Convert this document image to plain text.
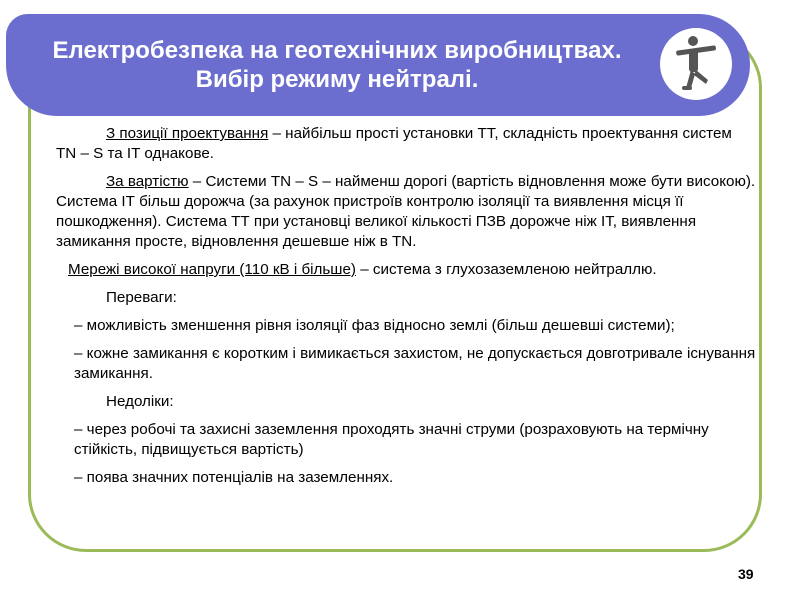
Електробезпека на геотехнічних виробництвах.
Вибір режиму нейтралі.

З позиції проектування – найбільш прості установки ТТ, складність проектування систем TN – S та IT однакове.

За вартістю – Системи TN – S – найменш дорогі (вартість відновлення може бути високою). Система ІТ більш дорожча (за рахунок пристроїв контролю ізоляції та виявлення місця її пошкодження). Система ТТ при установці великої кількості ПЗВ дорожче ніж ІТ, виявлення замикання просте, відновлення дешевше ніж в TN.

Мережі високої напруги (110 кВ і більше) – система з глухозаземленою нейтраллю.

Переваги:

– можливість зменшення рівня ізоляції фаз відносно землі (більш дешевші системи);

– кожне замикання є коротким і вимикається захистом, не допускається довготривале існування замикання.

Недоліки:

– через робочі та захисні заземлення проходять значні струми (розраховують на термічну стійкість, підвищується вартість)

– поява значних потенціалів на заземленнях.

39
